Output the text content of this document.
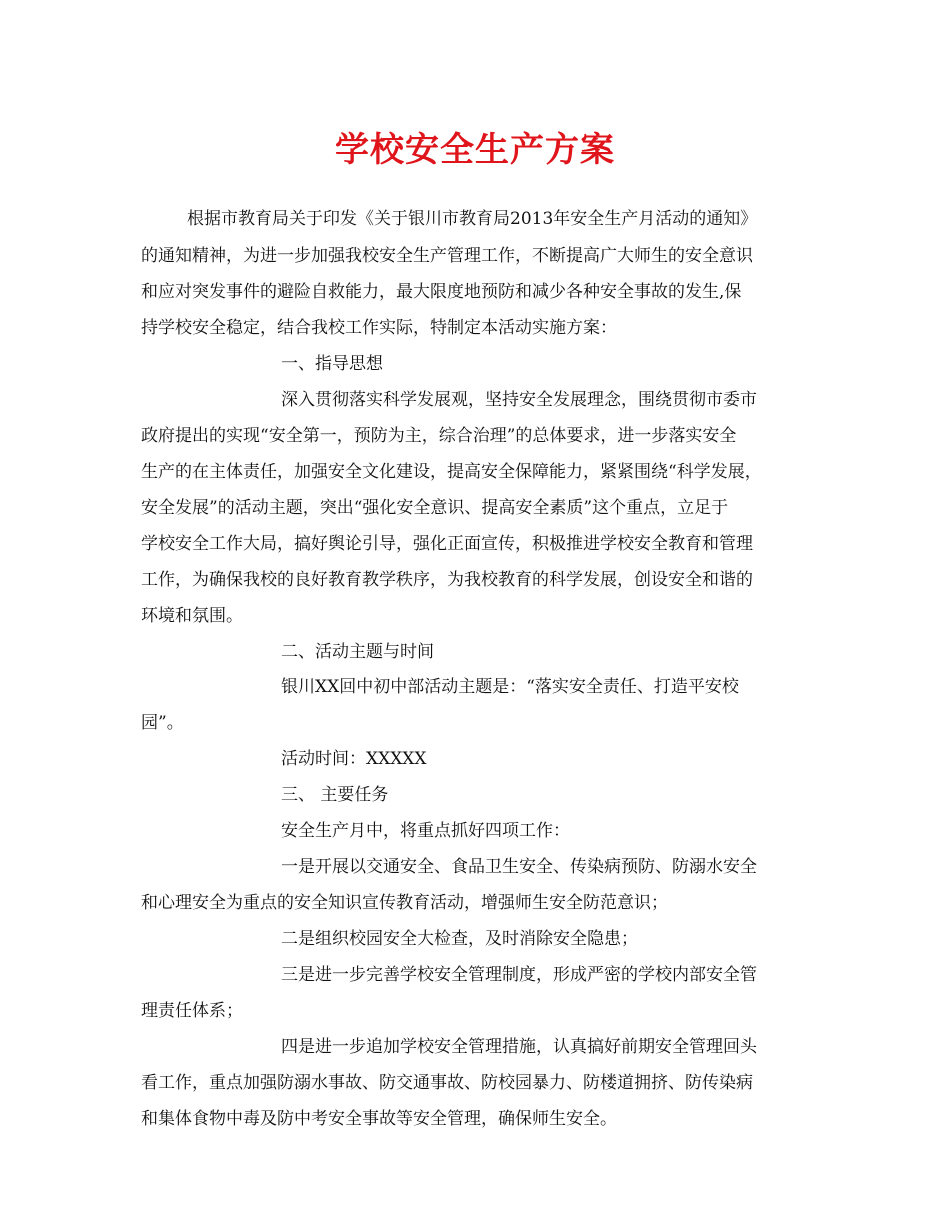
学校安全生产方案
根据市教育局关于印发《关于银川市教育局2013年安全生产月活动的通知》
的通知精神，为进一步加强我校安全生产管理工作，不断提高广大师生的安全意识
和应对突发事件的避险自救能力，最大限度地预防和减少各种安全事故的发生,保
持学校安全稳定，结合我校工作实际，特制定本活动实施方案：
一、指导思想
深入贯彻落实科学发展观，坚持安全发展理念，围绕贯彻市委市
政府提出的实现“安全第一，预防为主，综合治理”的总体要求，进一步落实安全
生产的在主体责任，加强安全文化建设，提高安全保障能力，紧紧围绕“科学发展，
安全发展”的活动主题，突出“强化安全意识、提高安全素质”这个重点，立足于
学校安全工作大局，搞好舆论引导，强化正面宣传，积极推进学校安全教育和管理
工作，为确保我校的良好教育教学秩序，为我校教育的科学发展，创设安全和谐的
环境和氛围。
二、活动主题与时间
银川XX回中初中部活动主题是：“落实安全责任、打造平安校
园”。
活动时间：XXXXX
三、 主要任务
安全生产月中，将重点抓好四项工作：
一是开展以交通安全、食品卫生安全、传染病预防、防溺水安全
和心理安全为重点的安全知识宣传教育活动，增强师生安全防范意识；
二是组织校园安全大检查，及时消除安全隐患；
三是进一步完善学校安全管理制度，形成严密的学校内部安全管
理责任体系；
四是进一步追加学校安全管理措施，认真搞好前期安全管理回头
看工作，重点加强防溺水事故、防交通事故、防校园暴力、防楼道拥挤、防传染病
和集体食物中毒及防中考安全事故等安全管理，确保师生安全。
